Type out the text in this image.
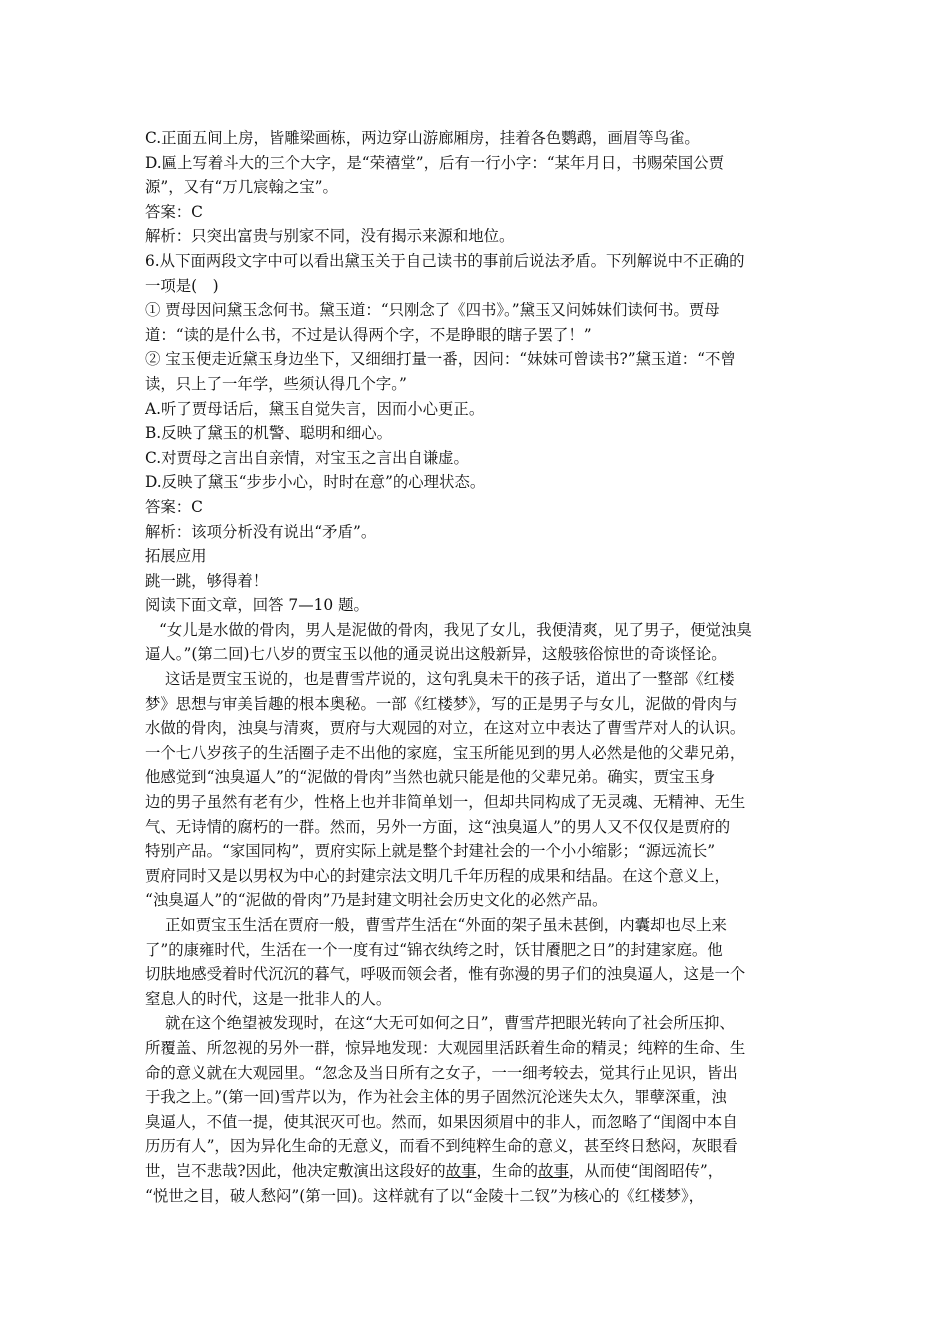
C.正面五间上房，皆雕梁画栋，两边穿山游廊厢房，挂着各色鹦鹉，画眉等鸟雀。
D.匾上写着斗大的三个大字，是“荣禧堂”，后有一行小字：“某年月日，书赐荣国公贾
源”，又有“万几宸翰之宝”。
答案：C
解析：只突出富贵与别家不同，没有揭示来源和地位。
6.从下面两段文字中可以看出黛玉关于自己读书的事前后说法矛盾。下列解说中不正确的
一项是(　)
① 贾母因问黛玉念何书。黛玉道：“只刚念了《四书》。”黛玉又问姊妹们读何书。贾母
道：“读的是什么书，不过是认得两个字，不是睁眼的瞎子罢了！”
② 宝玉便走近黛玉身边坐下，又细细打量一番，因问：“妹妹可曾读书?”黛玉道：“不曾
读，只上了一年学，些须认得几个字。”
A.听了贾母话后，黛玉自觉失言，因而小心更正。
B.反映了黛玉的机警、聪明和细心。
C.对贾母之言出自亲情，对宝玉之言出自谦虚。
D.反映了黛玉“步步小心，时时在意”的心理状态。
答案：C
解析：该项分析没有说出“矛盾”。
拓展应用
跳一跳，够得着！
阅读下面文章，回答 7—10 题。
“女儿是水做的骨肉，男人是泥做的骨肉，我见了女儿，我便清爽，见了男子，便觉浊臭
逼人。”(第二回)七八岁的贾宝玉以他的通灵说出这般新异，这般骇俗惊世的奇谈怪论。
这话是贾宝玉说的，也是曹雪芹说的，这句乳臭未干的孩子话，道出了一整部《红楼
梦》思想与审美旨趣的根本奥秘。一部《红楼梦》，写的正是男子与女儿，泥做的骨肉与
水做的骨肉，浊臭与清爽，贾府与大观园的对立，在这对立中表达了曹雪芹对人的认识。
一个七八岁孩子的生活圈子走不出他的家庭，宝玉所能见到的男人必然是他的父辈兄弟，
他感觉到“浊臭逼人”的“泥做的骨肉”当然也就只能是他的父辈兄弟。确实，贾宝玉身
边的男子虽然有老有少，性格上也并非简单划一，但却共同构成了无灵魂、无精神、无生
气、无诗情的腐朽的一群。然而，另外一方面，这“浊臭逼人”的男人又不仅仅是贾府的
特别产品。“家国同构”，贾府实际上就是整个封建社会的一个小小缩影；“源远流长”
贾府同时又是以男权为中心的封建宗法文明几千年历程的成果和结晶。在这个意义上，
“浊臭逼人”的“泥做的骨肉”乃是封建文明社会历史文化的必然产品。
正如贾宝玉生活在贾府一般，曹雪芹生活在“外面的架子虽未甚倒，内囊却也尽上来
了”的康雍时代，生活在一个一度有过“锦衣纨绔之时，饫甘餍肥之日”的封建家庭。他
切肤地感受着时代沉沉的暮气，呼吸而领会者，惟有弥漫的男子们的浊臭逼人，这是一个
窒息人的时代，这是一批非人的人。
就在这个绝望被发现时，在这“大无可如何之日”，曹雪芹把眼光转向了社会所压抑、
所覆盖、所忽视的另外一群，惊异地发现：大观园里活跃着生命的精灵；纯粹的生命、生
命的意义就在大观园里。“忽念及当日所有之女子，一一细考较去，觉其行止见识，皆出
于我之上。”(第一回)雪芹以为，作为社会主体的男子固然沉沦迷失太久，罪孽深重，浊
臭逼人，不值一提，使其泯灭可也。然而，如果因须眉中的非人，而忽略了“闺阁中本自
历历有人”，因为异化生命的无意义，而看不到纯粹生命的意义，甚至终日愁闷，灰眼看
世，岂不悲哉?因此，他决定敷演出这段好的故事，生命的故事，从而使“闺阁昭传”，
“悦世之目，破人愁闷”(第一回)。这样就有了以“金陵十二钗”为核心的《红楼梦》，
